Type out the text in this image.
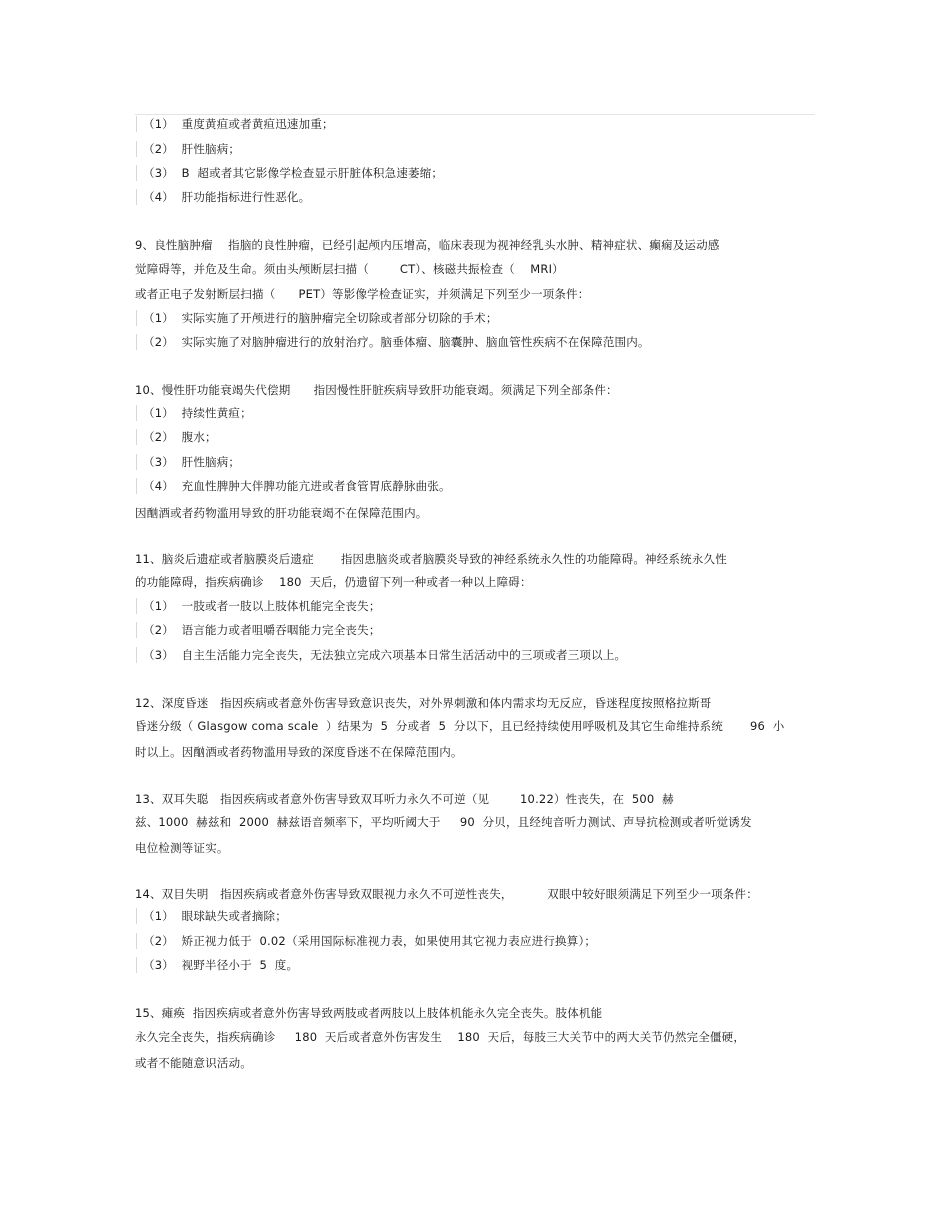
（1）  重度黄疸或者黄疸迅速加重；
（2）  肝性脑病；
（3）  B  超或者其它影像学检查显示肝脏体积急速萎缩；
（4）  肝功能指标进行性恶化。
9、良性脑肿瘤    指脑的良性肿瘤，已经引起颅内压增高，临床表现为视神经乳头水肿、精神症状、癫痫及运动感
觉障碍等，并危及生命。须由头颅断层扫描（        CT）、核磁共振检查（    MRI）
或者正电子发射断层扫描（      PET）等影像学检查证实，并须满足下列至少一项条件：
（1）  实际实施了开颅进行的脑肿瘤完全切除或者部分切除的手术；
（2）  实际实施了对脑肿瘤进行的放射治疗。脑垂体瘤、脑囊肿、脑血管性疾病不在保障范围内。
10、慢性肝功能衰竭失代偿期      指因慢性肝脏疾病导致肝功能衰竭。须满足下列全部条件：
（1）  持续性黄疸；
（2）  腹水；
（3）  肝性脑病；
（4）  充血性脾肿大伴脾功能亢进或者食管胃底静脉曲张。
因酗酒或者药物滥用导致的肝功能衰竭不在保障范围内。
11、脑炎后遗症或者脑膜炎后遗症       指因患脑炎或者脑膜炎导致的神经系统永久性的功能障碍。神经系统永久性
的功能障碍，指疾病确诊    180  天后，仍遗留下列一种或者一种以上障碍：
（1）  一肢或者一肢以上肢体机能完全丧失；
（2）  语言能力或者咀嚼吞咽能力完全丧失；
（3）  自主生活能力完全丧失，无法独立完成六项基本日常生活活动中的三项或者三项以上。
12、深度昏迷   指因疾病或者意外伤害导致意识丧失，对外界刺激和体内需求均无反应，昏迷程度按照格拉斯哥
昏迷分级（ Glasgow coma scale  ）结果为  5  分或者  5  分以下，且已经持续使用呼吸机及其它生命维持系统       96  小
时以上。因酗酒或者药物滥用导致的深度昏迷不在保障范围内。
13、双耳失聪   指因疾病或者意外伤害导致双耳听力永久不可逆（见        10.22）性丧失，在  500  赫
兹、1000  赫兹和  2000  赫兹语音频率下，平均听阈大于     90  分贝，且经纯音听力测试、声导抗检测或者听觉诱发
电位检测等证实。
14、双目失明   指因疾病或者意外伤害导致双眼视力永久不可逆性丧失，         双眼中较好眼须满足下列至少一项条件：
（1）  眼球缺失或者摘除；
（2）  矫正视力低于  0.02（采用国际标准视力表，如果使用其它视力表应进行换算）；
（3）  视野半径小于  5  度。
15、瘫痪  指因疾病或者意外伤害导致两肢或者两肢以上肢体机能永久完全丧失。肢体机能
永久完全丧失，指疾病确诊     180  天后或者意外伤害发生    180  天后，每肢三大关节中的两大关节仍然完全僵硬，
或者不能随意识活动。
